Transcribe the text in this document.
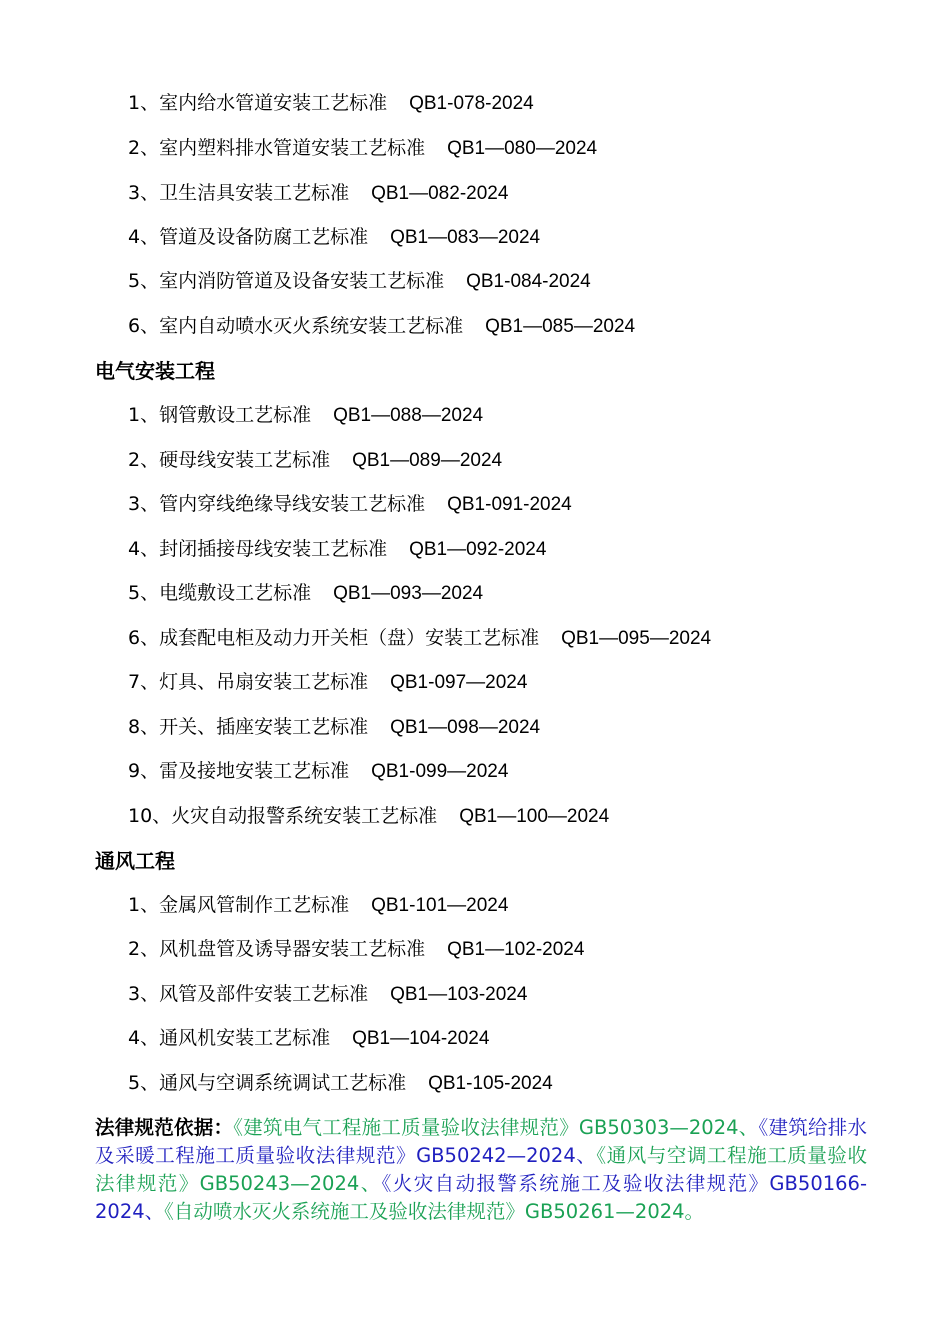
1、室内给水管道安装工艺标准 QB1-078-2024
2、室内塑料排水管道安装工艺标准 QB1—080—2024
3、卫生洁具安装工艺标准 QB1—082-2024
4、管道及设备防腐工艺标准 QB1—083—2024
5、室内消防管道及设备安装工艺标准 QB1-084-2024
6、室内自动喷水灭火系统安装工艺标准 QB1—085—2024
电气安装工程
1、钢管敷设工艺标准 QB1—088—2024
2、硬母线安装工艺标准 QB1—089—2024
3、管内穿线绝缘导线安装工艺标准 QB1-091-2024
4、封闭插接母线安装工艺标准 QB1—092-2024
5、电缆敷设工艺标准 QB1—093—2024
6、成套配电柜及动力开关柜（盘）安装工艺标准 QB1—095—2024
7、灯具、吊扇安装工艺标准 QB1-097—2024
8、开关、插座安装工艺标准 QB1—098—2024
9、雷及接地安装工艺标准 QB1-099—2024
10、火灾自动报警系统安装工艺标准 QB1—100—2024
通风工程
1、金属风管制作工艺标准 QB1-101—2024
2、风机盘管及诱导器安装工艺标准 QB1—102-2024
3、风管及部件安装工艺标准 QB1—103-2024
4、通风机安装工艺标准 QB1—104-2024
5、通风与空调系统调试工艺标准 QB1-105-2024
法律规范依据：《建筑电气工程施工质量验收法律规范》GB50303—2024、《建筑给排水及采暖工程施工质量验收法律规范》GB50242—2024、《通风与空调工程施工质量验收法律规范》GB50243—2024、《火灾自动报警系统施工及验收法律规范》GB50166-2024、《自动喷水灭火系统施工及验收法律规范》GB50261—2024。
